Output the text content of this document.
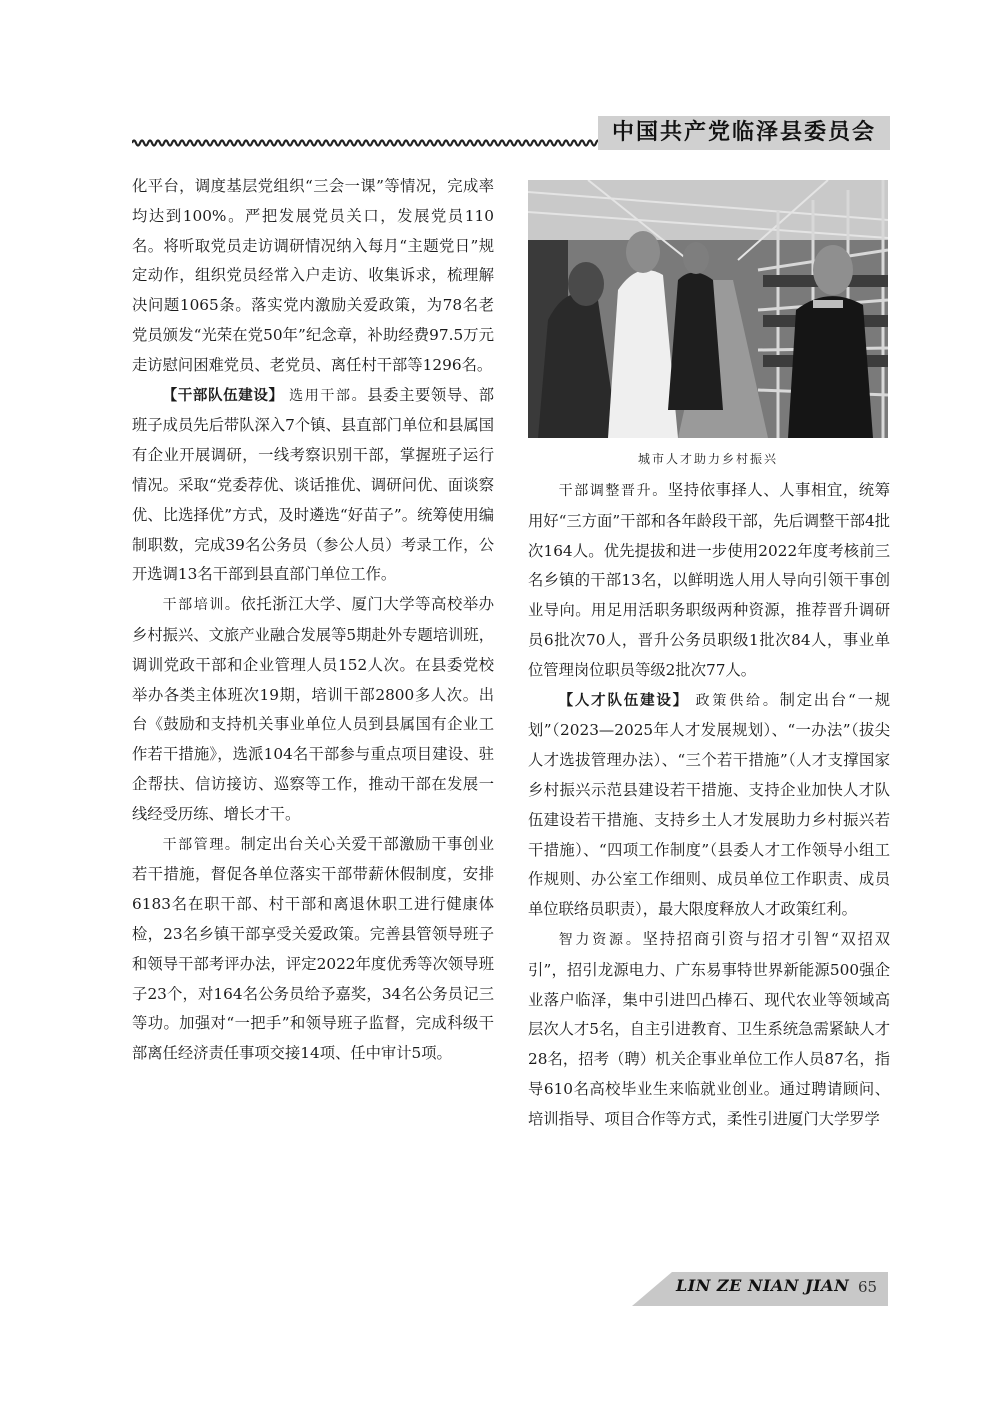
中国共产党临泽县委员会

化平台，调度基层党组织“三会一课”等情况，完成率均达到100%。严把发展党员关口，发展党员110名。将听取党员走访调研情况纳入每月“主题党日”规定动作，组织党员经常入户走访、收集诉求，梳理解决问题1065条。落实党内激励关爱政策，为78名老党员颁发“光荣在党50年”纪念章，补助经费97.5万元走访慰问困难党员、老党员、离任村干部等1296名。

【干部队伍建设】 选用干部。县委主要领导、部班子成员先后带队深入7个镇、县直部门单位和县属国有企业开展调研，一线考察识别干部，掌握班子运行情况。采取“党委荐优、谈话推优、调研问优、面谈察优、比选择优”方式，及时遴选“好苗子”。统筹使用编制职数，完成39名公务员（参公人员）考录工作，公开选调13名干部到县直部门单位工作。

干部培训。依托浙江大学、厦门大学等高校举办乡村振兴、文旅产业融合发展等5期赴外专题培训班，调训党政干部和企业管理人员152人次。在县委党校举办各类主体班次19期，培训干部2800多人次。出台《鼓励和支持机关事业单位人员到县属国有企业工作若干措施》，选派104名干部参与重点项目建设、驻企帮扶、信访接访、巡察等工作，推动干部在发展一线经受历练、增长才干。

干部管理。制定出台关心关爱干部激励干事创业若干措施，督促各单位落实干部带薪休假制度，安排6183名在职干部、村干部和离退休职工进行健康体检，23名乡镇干部享受关爱政策。完善县管领导班子和领导干部考评办法，评定2022年度优秀等次领导班子23个，对164名公务员给予嘉奖，34名公务员记三等功。加强对“一把手”和领导班子监督，完成科级干部离任经济责任事项交接14项、任中审计5项。

城市人才助力乡村振兴

干部调整晋升。坚持依事择人、人事相宜，统筹用好“三方面”干部和各年龄段干部，先后调整干部4批次164人。优先提拔和进一步使用2022年度考核前三名乡镇的干部13名，以鲜明选人用人导向引领干事创业导向。用足用活职务职级两种资源，推荐晋升调研员6批次70人，晋升公务员职级1批次84人，事业单位管理岗位职员等级2批次77人。

【人才队伍建设】 政策供给。制定出台“一规划”（2023—2025年人才发展规划）、“一办法”（拔尖人才选拔管理办法）、“三个若干措施”（人才支撑国家乡村振兴示范县建设若干措施、支持企业加快人才队伍建设若干措施、支持乡土人才发展助力乡村振兴若干措施）、“四项工作制度”（县委人才工作领导小组工作规则、办公室工作细则、成员单位工作职责、成员单位联络员职责），最大限度释放人才政策红利。

智力资源。坚持招商引资与招才引智“双招双引”，招引龙源电力、广东易事特世界新能源500强企业落户临泽，集中引进凹凸棒石、现代农业等领域高层次人才5名，自主引进教育、卫生系统急需紧缺人才28名，招考（聘）机关企事业单位工作人员87名，指导610名高校毕业生来临就业创业。通过聘请顾问、培训指导、项目合作等方式，柔性引进厦门大学罗学

LIN ZE NIAN JIAN 65
